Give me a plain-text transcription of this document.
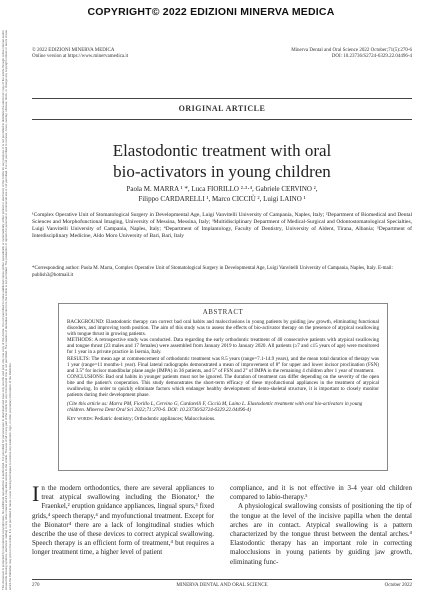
COPYRIGHT© 2022 EDIZIONI MINERVA MEDICA
This document is protected by international copyright laws. No additional reproduction is authorized. It is permitted for personal use to download and save only one file and print only one copy of this Article. It is not permitted to make additional copies (either sporadically or systematically, either printed or electronic) of the Article for any purpose. It is not permitted to distribute the electronic copy of the article through online internet and/or intranet file sharing systems, electronic mailing or any other means which may allow access to the Article. The use of all or any part of the Article for any Commercial Use is not permitted. The creation of derivative works from the Article is not permitted. The production of reprints for personal or commercial use is not permitted. It is not permitted to remove, cover, overlay, obscure, block, or change any copyright notices or terms of use which the Publisher may post on the Article. It is not permitted to frame or use framing techniques to enclose any trademark, logo, or other proprietary information of the Publisher.
© 2022 EDIZIONI MINERVA MEDICA
Online version at https://www.minervamedica.it
Minerva Dental and Oral Science 2022 October;71(5):270-6
DOI: 10.23736/S2724-6329.22.04496-4
ORIGINAL ARTICLE
Elastodontic treatment with oral
bio-activators in young children
Paola M. MARRA ¹ *, Luca FIORILLO ²·³·⁴, Gabriele CERVINO ²,
Filippo CARDARELLI ¹, Marco CICCIÙ ², Luigi LAINO ¹
¹Complex Operative Unit of Stomatological Surgery in Developmental Age, Luigi Vanvitelli University of Campania, Naples, Italy; ²Department of Biomedical and Dental Sciences and Morphofunctional Imaging, University of Messina, Messina, Italy; ³Multidisciplinary Department of Medical-Surgical and Odontostomatological Specialties, Luigi Vanvitelli University of Campania, Naples, Italy; ⁴Department of Implantology, Faculty of Dentistry, University of Aldent, Tirana, Albania; ⁵Department of Interdisciplinary Medicine, Aldo Moro University of Bari, Bari, Italy
*Corresponding author: Paola M. Marra, Complex Operative Unit of Stomatological Surgery in Developmental Age, Luigi Vanvitelli University of Campania, Naples, Italy. E-mail: publish3@hotmail.it
ABSTRACT

BACKGROUND: Elastodontic therapy can correct bad oral habits and malocclusions in young patients by guiding jaw growth, eliminating functional disorders, and improving tooth position. The aim of this study was to assess the effects of bio-activator therapy on the presence of atypical swallowing with tongue thrust in growing patients.

METHODS: A retrospective study was conducted. Data regarding the early orthodontic treatment of 40 consecutive patients with atypical swallowing and tongue thrust (23 males and 17 females) were assembled from January 2019 to January 2020. All patients (≥7 and ≤15 years of age) were monitored for 1 year in a private practice in Isernia, Italy.

RESULTS: The mean age at commencement of orthodontic treatment was 8.5 years (range=7.1-14.9 years), and the mean total duration of therapy was 1 year (range=11 months-1 year). Final lateral radiographs demonstrated a mean of improvement of 8° for upper and lower incisor proclination (FSN) and 3.5° for incisor mandibular plane angle (IMPA) in 36 patients, and 5° of FSN and 2° of IMPA in the remaining 4 children after 1 year of treatment.

CONCLUSIONS: Bad oral habits in younger patients must not be ignored. The duration of treatment can differ depending on the severity of the open bite and the patient's cooperation. This study demonstrates the short-term efficacy of these myofunctional appliances in the treatment of atypical swallowing. In order to quickly eliminate factors which endanger healthy development of dento-skeletal structure, it is important to closely monitor patients during their development phase.

(Cite this article as: Marra PM, Fiorillo L, Cervino G, Cardarelli F, Cicciù M, Laino L. Elastodontic treatment with oral bio-activators in young children. Minerva Dent Oral Sci 2022;71:270-6. DOI: 10.23736/S2724-6329.22.04496-4)

Key words: Pediatric dentistry; Orthodontic appliances; Malocclusions.

In the modern orthodontics, there are several appliances to treat atypical swallowing including the Bionator,¹ the Fraenkel,² eruption guidance appliances, lingual spurs,³ fixed grids,⁴ speech therapy,⁴ and myofunctional treatment. Except for the Bionator⁴ there are a lack of longitudinal studies which describe the use of these devices to correct atypical swallowing. Speech therapy is an efficient form of treatment,⁴ but requires a longer treatment time, a higher level of patient

compliance, and it is not effective in 3-4 year old children compared to labio-therapy.⁵

A physiological swallowing consists of positioning the tip of the tongue at the level of the incisive papilla when the dental arches are in contact. Atypical swallowing is a pattern characterized by the tongue thrust between the dental arches.⁴ Elastodontic therapy has an important role in correcting malocclusions in young patients by guiding jaw growth, eliminating func-

270	MINERVA DENTAL AND ORAL SCIENCE	October 2022
